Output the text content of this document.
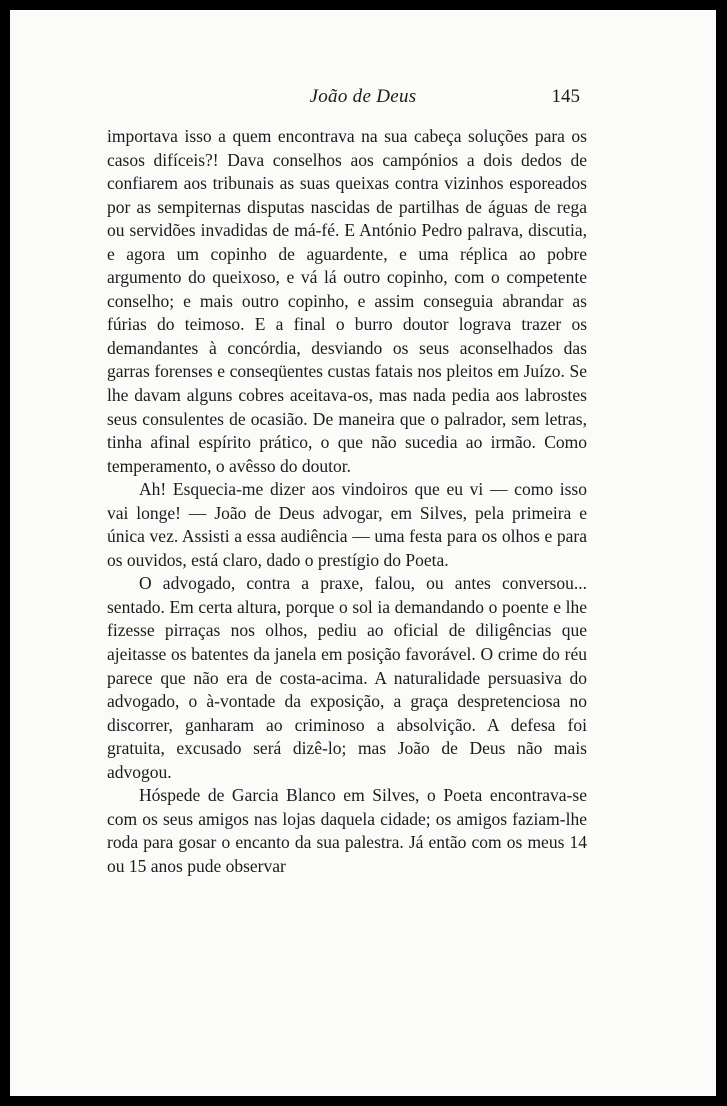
João de Deus	145

importava isso a quem encontrava na sua cabeça soluções para os casos difíceis?! Dava conselhos aos campónios a dois dedos de confiarem aos tribunais as suas queixas contra vizinhos esporeados por as sempiternas disputas nascidas de partilhas de águas de rega ou servidões invadidas de má-fé. E António Pedro palrava, discutia, e agora um copinho de aguardente, e uma réplica ao pobre argumento do queixoso, e vá lá outro copinho, com o competente conselho; e mais outro copinho, e assim conseguia abrandar as fúrias do teimoso. E a final o burro doutor lograva trazer os demandantes à concórdia, desviando os seus aconselhados das garras forenses e conseqüentes custas fatais nos pleitos em Juízo. Se lhe davam alguns cobres aceitava-os, mas nada pedia aos labrostes seus consulentes de ocasião. De maneira que o palrador, sem letras, tinha afinal espírito prático, o que não sucedia ao irmão. Como temperamento, o avêsso do doutor.

Ah! Esquecia-me dizer aos vindoiros que eu vi — como isso vai longe! — João de Deus advogar, em Silves, pela primeira e única vez. Assisti a essa audiência — uma festa para os olhos e para os ouvidos, está claro, dado o prestígio do Poeta.

O advogado, contra a praxe, falou, ou antes conversou... sentado. Em certa altura, porque o sol ia demandando o poente e lhe fizesse pirraças nos olhos, pediu ao oficial de diligências que ajeitasse os batentes da janela em posição favorável. O crime do réu parece que não era de costa-acima. A naturalidade persuasiva do advogado, o à-vontade da exposição, a graça despretenciosa no discorrer, ganharam ao criminoso a absolvição. A defesa foi gratuita, excusado será dizê-lo; mas João de Deus não mais advogou.

Hóspede de Garcia Blanco em Silves, o Poeta encontrava-se com os seus amigos nas lojas daquela cidade; os amigos faziam-lhe roda para gosar o encanto da sua palestra. Já então com os meus 14 ou 15 anos pude observar
